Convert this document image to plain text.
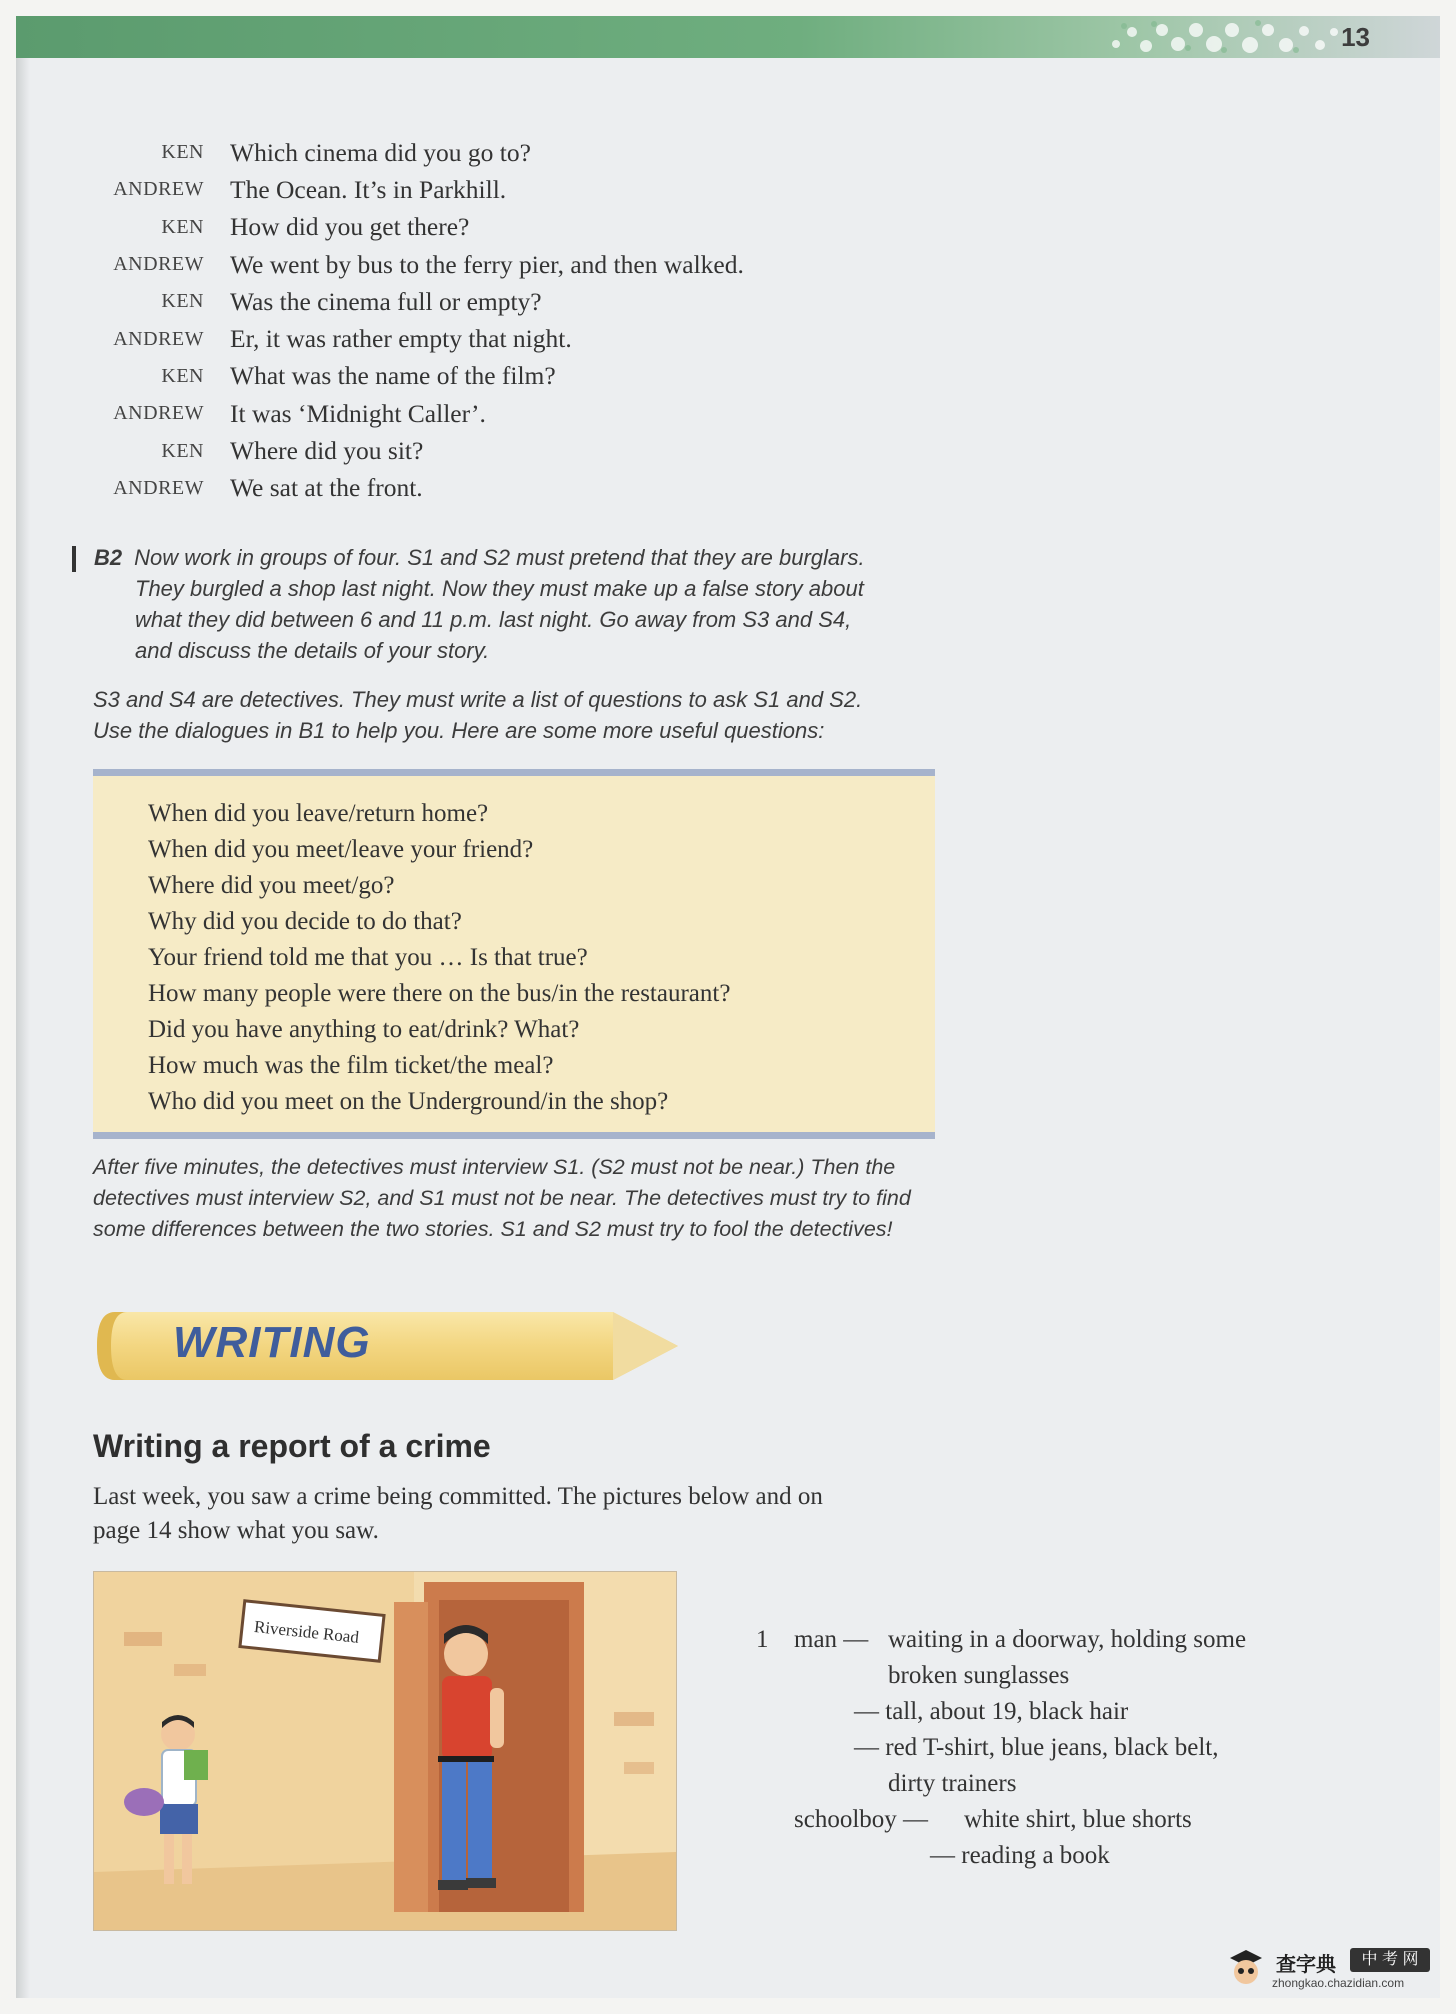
13
KEN Which cinema did you go to?
ANDREW The Ocean. It’s in Parkhill.
KEN How did you get there?
ANDREW We went by bus to the ferry pier, and then walked.
KEN Was the cinema full or empty?
ANDREW Er, it was rather empty that night.
KEN What was the name of the film?
ANDREW It was ‘Midnight Caller’.
KEN Where did you sit?
ANDREW We sat at the front.
B2 Now work in groups of four. S1 and S2 must pretend that they are burglars.
They burgled a shop last night. Now they must make up a false story about
what they did between 6 and 11 p.m. last night. Go away from S3 and S4,
and discuss the details of your story.
S3 and S4 are detectives. They must write a list of questions to ask S1 and S2.
Use the dialogues in B1 to help you. Here are some more useful questions:
When did you leave/return home?
When did you meet/leave your friend?
Where did you meet/go?
Why did you decide to do that?
Your friend told me that you … Is that true?
How many people were there on the bus/in the restaurant?
Did you have anything to eat/drink? What?
How much was the film ticket/the meal?
Who did you meet on the Underground/in the shop?
After five minutes, the detectives must interview S1. (S2 must not be near.) Then the
detectives must interview S2, and S1 must not be near. The detectives must try to find
some differences between the two stories. S1 and S2 must try to fool the detectives!
WRITING
Writing a report of a crime
Last week, you saw a crime being committed. The pictures below and on
page 14 show what you saw.
Riverside Road	1 man — waiting in a doorway, holding some
broken sunglasses
— tall, about 19, black hair
— red T-shirt, blue jeans, black belt,
dirty trainers
schoolboy — white shirt, blue shorts
— reading a book
查字典	中 考 网
zhongkao.chazidian.com
